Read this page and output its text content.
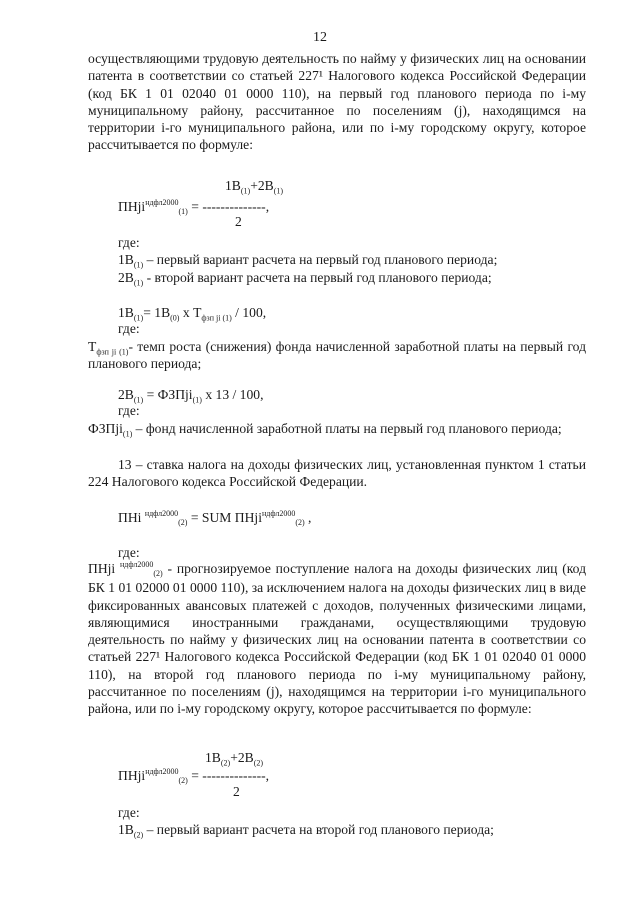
12

осуществляющими трудовую деятельность по найму у физических лиц на основании патента в соответствии со статьей 227¹ Налогового кодекса Российской Федерации (код БК 1 01 02040 01 0000 110), на первый год планового периода по i-му муниципальному району, рассчитанное по поселениям (j), находящимся на территории i-го муниципального района, или по i-му городскому округу, которое рассчитывается по формуле:

$1В_{(1)}+2В_{(1)}$
ПНji$^{ндфл2000}_{(1)}$ = --------------,
2
где:
$1В_{(1)}$ – первый вариант расчета на первый год планового периода;
$2В_{(1)}$ - второй вариант расчета на первый год планового периода;
$1В_{(1)}= 1В_{(0)}$ х $Т_{фзп ji (1)} / 100$,
где:

$Т_{фзп ji (1)}-$ темп роста (снижения) фонда начисленной заработной платы на первый год планового периода;

$2В_{(1)}$ = ФЗПji$_{(1)}$ х 13 / 100,
где:

ФЗПji$_{(1)}$ – фонд начисленной заработной платы на первый год планового периода;

13 – ставка налога на доходы физических лиц, установленная пунктом 1 статьи 224 Налогового кодекса Российской Федерации.

ПНi $^{ндфл2000}_{(2)}$ = SUM ПНji$^{ндфл2000}_{(2)}$ ,
где:

ПНji $^{ндфл2000}_{(2)}$ - прогнозируемое поступление налога на доходы физических лиц (код БК 1 01 02000 01 0000 110), за исключением налога на доходы физических лиц в виде фиксированных авансовых платежей с доходов, полученных физическими лицами, являющимися иностранными гражданами, осуществляющими трудовую деятельность по найму у физических лиц на основании патента в соответствии со статьей 227¹ Налогового кодекса Российской Федерации (код БК 1 01 02040 01 0000 110), на второй год планового периода по i-му муниципальному району, рассчитанное по поселениям (j), находящимся на территории i-го муниципального района, или по i-му городскому округу, которое рассчитывается по формуле:

$1В_{(2)}+2В_{(2)}$
ПНji$^{ндфл2000}_{(2)}$ = --------------,
2
где:
$1В_{(2)}$ – первый вариант расчета на второй год планового периода;
